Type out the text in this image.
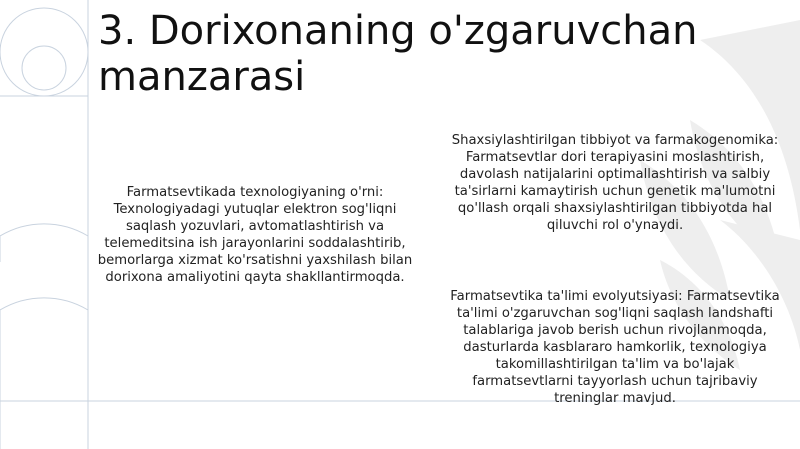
3. Dorixonaning o'zgaruvchan manzarasi
Farmatsevtikada texnologiyaning o'rni: Texnologiyadagi yutuqlar elektron sog'liqni saqlash yozuvlari, avtomatlashtirish va telemeditsina ish jarayonlarini soddalashtirib, bemorlarga xizmat ko'rsatishni yaxshilash bilan dorixona amaliyotini qayta shakllantirmoqda.
Shaxsiylashtirilgan tibbiyot va farmakogenomika: Farmatsevtlar dori terapiyasini moslashtirish, davolash natijalarini optimallashtirish va salbiy ta'sirlarni kamaytirish uchun genetik ma'lumotni qo'llash orqali shaxsiylashtirilgan tibbiyotda hal qiluvchi rol o'ynaydi.
Farmatsevtika ta'limi evolyutsiyasi: Farmatsevtika ta'limi o'zgaruvchan sog'liqni saqlash landshafti talablariga javob berish uchun rivojlanmoqda, dasturlarda kasblararo hamkorlik, texnologiya takomillashtirilgan ta'lim va bo'lajak farmatsevtlarni tayyorlash uchun tajribaviy treninglar mavjud.
